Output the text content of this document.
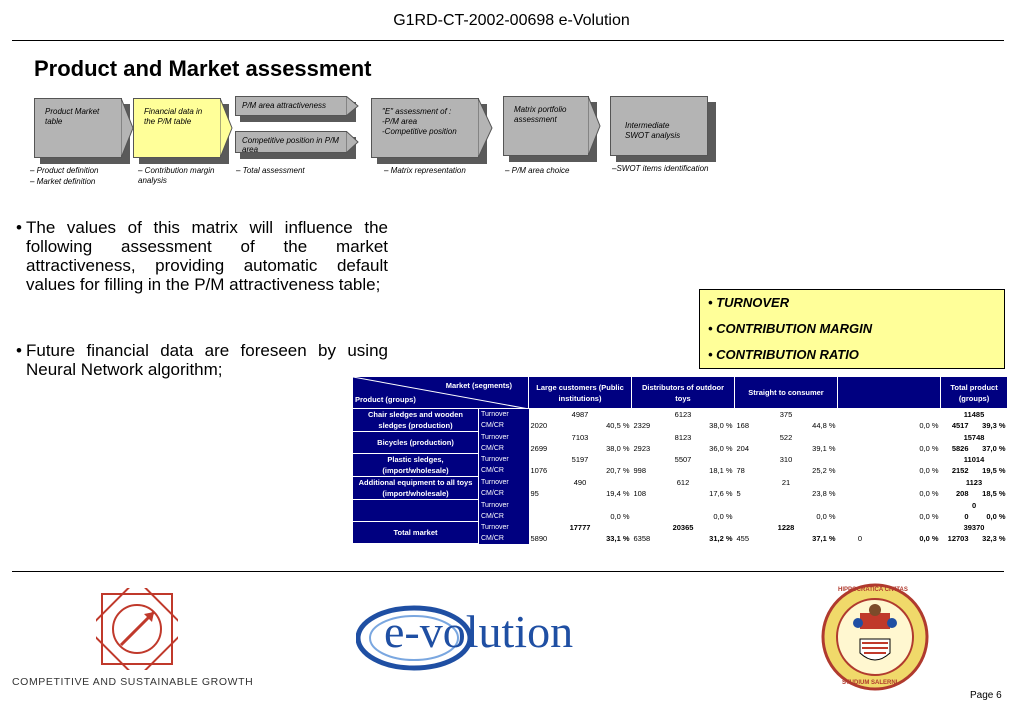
G1RD-CT-2002-00698 e-Volution
Product and Market assessment
Product Market table
– Product definition
– Market definition
Financial data in the P/M table
– Contribution margin analysis
P/M area attractiveness
Competitive position in P/M area
– Total assessment
"E" assessment of :
-P/M area
-Competitive position
– Matrix representation
Matrix portfolio assessment
– P/M area choice
Intermediate
SWOT analysis
–SWOT items identification
• The values of this matrix will influence the following assessment of the market attractiveness, providing automatic default values for filling in the P/M attractiveness table;
• Future financial data are foreseen by using Neural Network algorithm;
• TURNOVER
• CONTRIBUTION MARGIN
• CONTRIBUTION RATIO
Market (segments)
Product (groups)		Large customers (Public institutions)		Distributors of outdoor toys		Straight to consumer				Total product (groups)	
Chair sledges and wooden sledges (production)	Turnover	4987		6123		375				11485	
	CM/CR	2020	40,5 %	2329	38,0 %	168	44,8 %		0,0 %	4517	39,3 %
Bicycles (production)	Turnover	7103		8123		522				15748	
	CM/CR	2699	38,0 %	2923	36,0 %	204	39,1 %		0,0 %	5826	37,0 %
Plastic sledges, (import/wholesale)	Turnover	5197		5507		310				11014	
	CM/CR	1076	20,7 %	998	18,1 %	78	25,2 %		0,0 %	2152	19,5 %
Additional equipment to all toys (import/wholesale)	Turnover	490		612		21				1123	
	CM/CR	95	19,4 %	108	17,6 %	5	23,8 %		0,0 %	208	18,5 %
	Turnover									0	
	CM/CR		0,0 %		0,0 %		0,0 %		0,0 %	0	0,0 %
Total market	Turnover	17777		20365		1228				39370	
	CM/CR	5890	33,1 %	6358	31,2 %	455	37,1 %	0	0,0 %	12703	32,3 %
COMPETITIVE AND SUSTAINABLE GROWTH
e-volution
HIPPOCRATICA CIVITAS
STUDIUM SALERNI
Page 6
